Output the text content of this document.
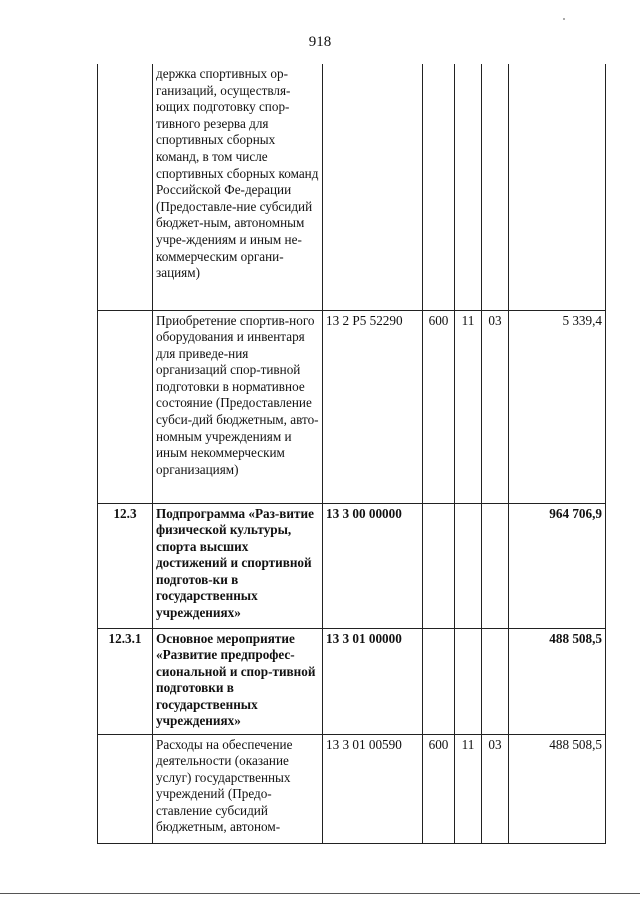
918
	держка спортивных ор-ганизаций, осуществля-ющих подготовку спор-тивного резерва для спортивных сборных команд, в том числе спортивных сборных команд Российской Фе-дерации (Предоставле-ние субсидий бюджет-ным, автономным учре-ждениям и иным не-коммерческим органи-зациям)					
	Приобретение спортив-ного оборудования и инвентаря для приведе-ния организаций спор-тивной подготовки в нормативное состояние (Предоставление субси-дий бюджетным, авто-номным учреждениям и иным некоммерческим организациям)	13 2 P5 52290	600	11	03	5 339,4
12.3	Подпрограмма «Раз-витие физической культуры, спорта высших достижений и спортивной подготов-ки в государственных учреждениях»	13 3 00 00000				964 706,9
12.3.1	Основное мероприятие «Развитие предпрофес-сиональной и спор-тивной подготовки в государственных учреждениях»	13 3 01 00000				488 508,5
	Расходы на обеспечение деятельности (оказание услуг) государственных учреждений (Предо-ставление субсидий бюджетным, автоном-	13 3 01 00590	600	11	03	488 508,5
